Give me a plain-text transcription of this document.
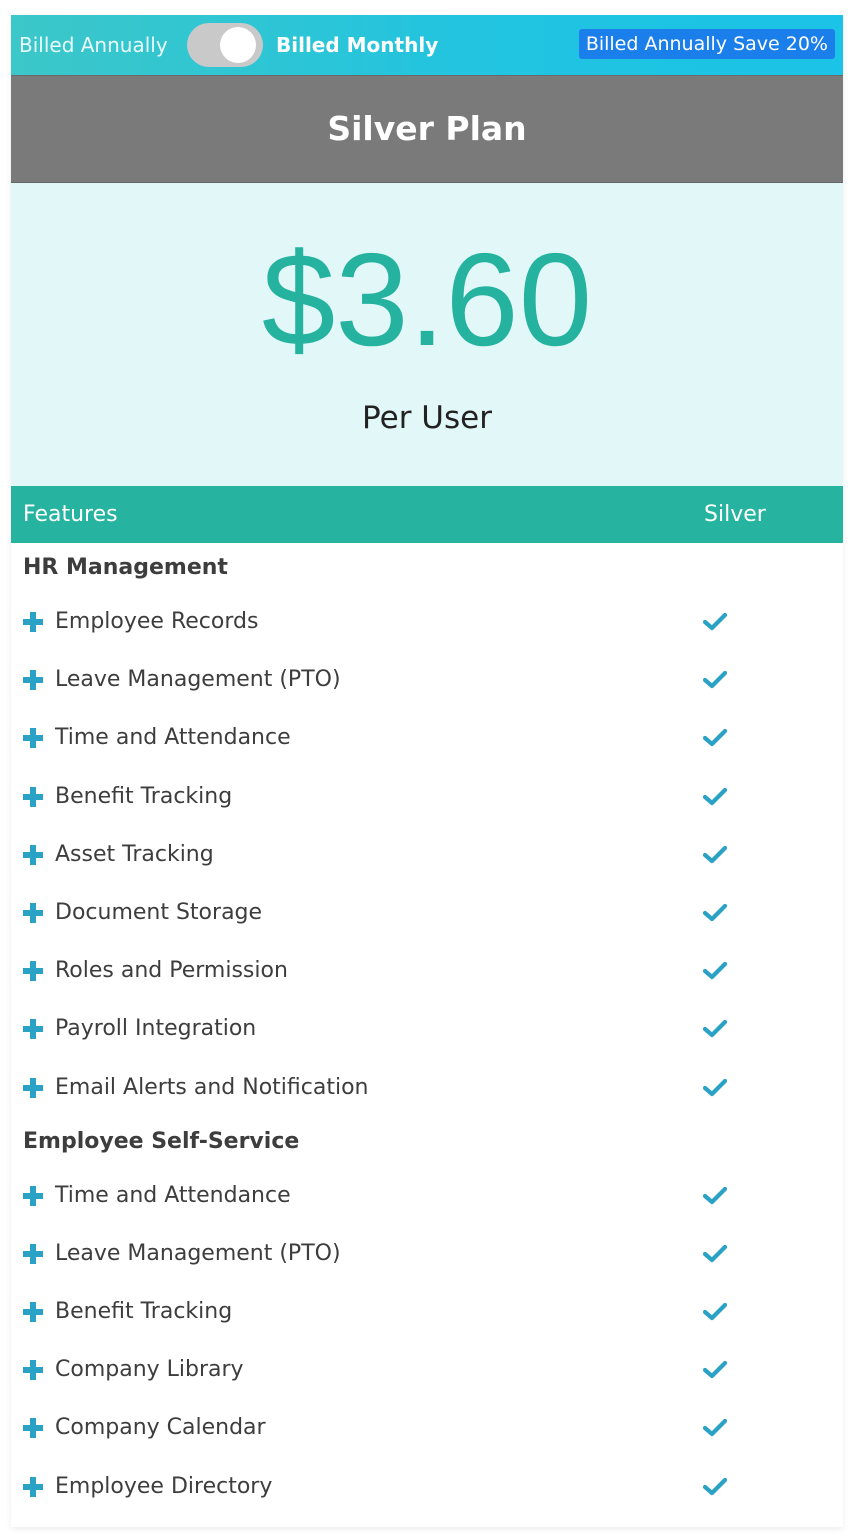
Billed Annually	Billed Monthly	Billed Annually Save 20%
Silver Plan
$3.60
Per User
Features	Silver
HR Management
Employee Records
Leave Management (PTO)
Time and Attendance
Benefit Tracking
Asset Tracking
Document Storage
Roles and Permission
Payroll Integration
Email Alerts and Notification
Employee Self-Service
Time and Attendance
Leave Management (PTO)
Benefit Tracking
Company Library
Company Calendar
Employee Directory
